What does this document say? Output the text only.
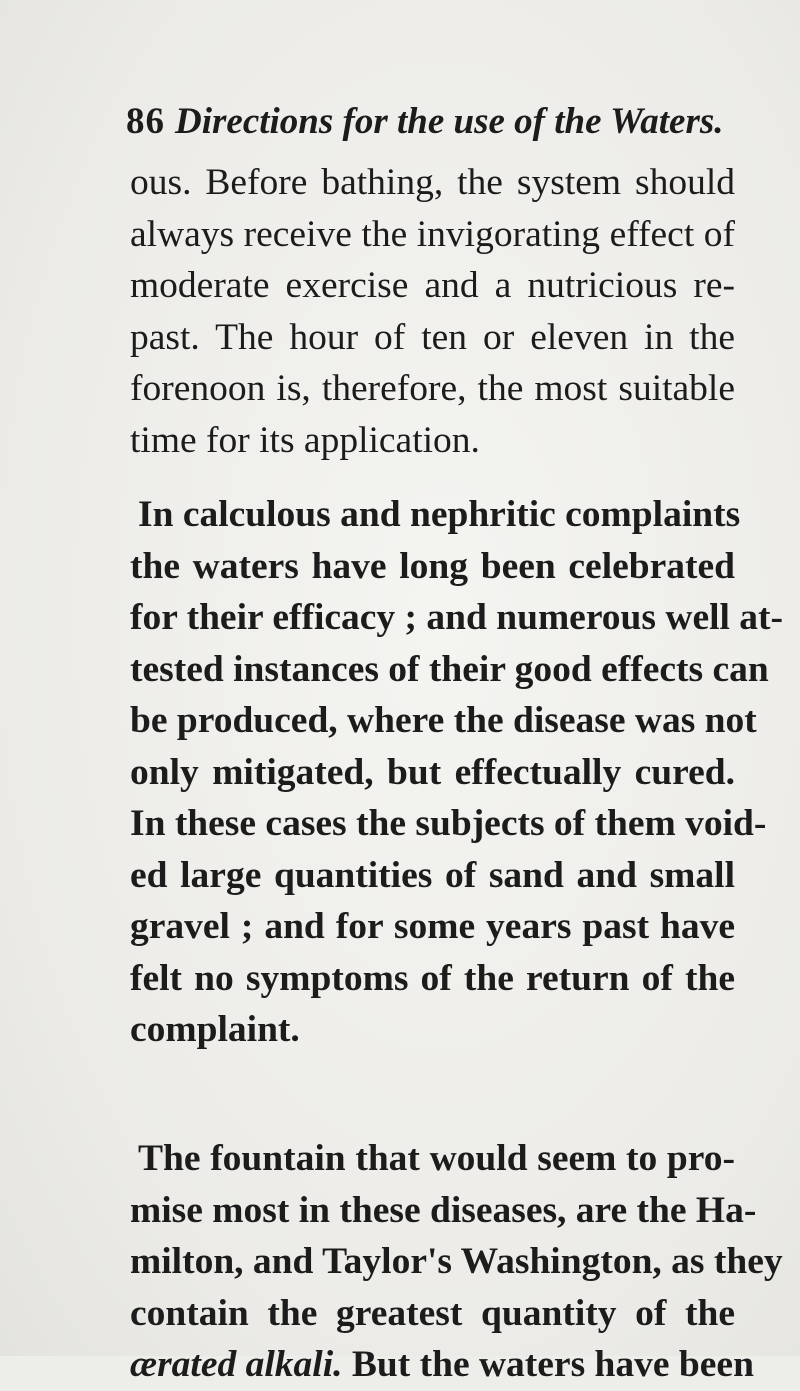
86 Directions for the use of the Waters.
ous. Before bathing, the system should
always receive the invigorating effect of
moderate exercise and a nutricious re-
past. The hour of ten or eleven in the
forenoon is, therefore, the most suitable
time for its application.
In calculous and nephritic complaints
the waters have long been celebrated
for their efficacy ; and numerous well at-
tested instances of their good effects can
be produced, where the disease was not
only mitigated, but effectually cured.
In these cases the subjects of them void-
ed large quantities of sand and small
gravel ; and for some years past have
felt no symptoms of the return of the
complaint.
The fountain that would seem to pro-
mise most in these diseases, are the Ha-
milton, and Taylor's Washington, as they
contain the greatest quantity of the
ærated alkali. But the waters have been
